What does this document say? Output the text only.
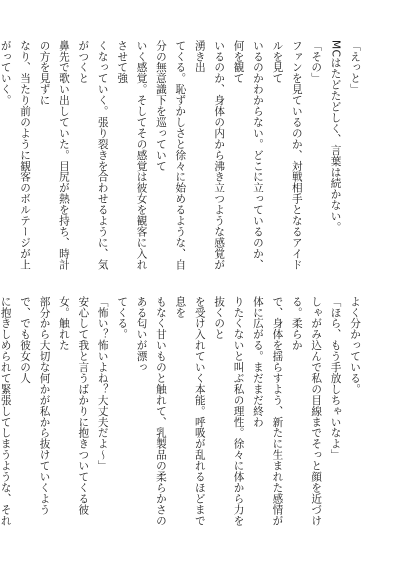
「えっと」
MCはたどたどしく、言葉は続かない。
「その」
ファンを見ているのか、対戦相手となるアイドルを見て
いるのかわからない。どこに立っているのか、何を観て
いるのか、身体の内から沸き立つような感覚が湧き出
てくる。恥ずかしさと徐々に始めるような、自分の無意識下を巡っていて
いく感覚。そしてその感覚は彼女を観客に入れさせて強
くなっていく。張り裂きを合わせるように、気がつくと
鼻先で歌い出していた。目尻が熱を持ち、時計の方を見ずに
なり、当たり前のように観客のボルテージが上がっていく。

よく分かっている。
「ほら、もう手放しちゃいなよ」
しゃがみ込んで私の目線までそっと顔を近づける。柔らか
で、身体を揺らすよう、新たに生まれた感情が体に広がる。まだまだ終わ
りたくないと叫ぶ私の理性。徐々に体から力を抜くのと
を受け入れていく本能。呼吸が乱れるほどまで息を
もなく甘いものと触れて、乳製品の柔らかさのある匂いが漂っ
てくる。
「怖い？怖いよね？大丈夫だよ〜」
安心して我と言うばかりに抱きついてくる彼女。触れた
部分から大切な何かが私から抜けていくようで、でも彼女の人
に抱きしめられて緊張してしまうような、それ
